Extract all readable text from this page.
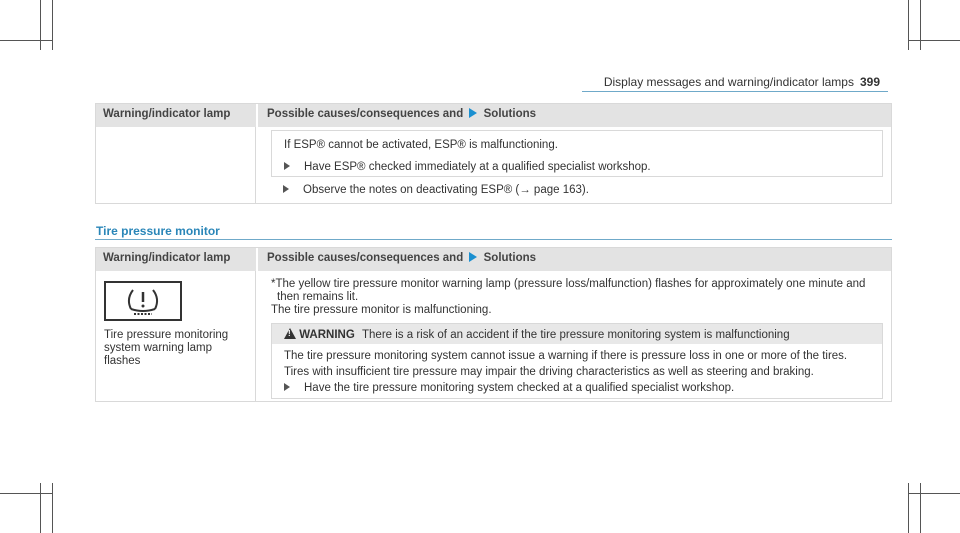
Display messages and warning/indicator lamps 399
Warning/indicator lamp	Possible causes/consequences and Solutions
If ESP® cannot be activated, ESP® is malfunctioning.
Have ESP® checked immediately at a qualified specialist workshop.
Observe the notes on deactivating ESP® (→ page 163).
Tire pressure monitor
Warning/indicator lamp	Possible causes/consequences and Solutions
Tire pressure monitoring
system warning lamp
flashes
*The yellow tire pressure monitor warning lamp (pressure loss/malfunction) flashes for approximately one minute and
then remains lit.
The tire pressure monitor is malfunctioning.
! WARNING There is a risk of an accident if the tire pressure monitoring system is malfunctioning
The tire pressure monitoring system cannot issue a warning if there is pressure loss in one or more of the tires.
Tires with insufficient tire pressure may impair the driving characteristics as well as steering and braking.
Have the tire pressure monitoring system checked at a qualified specialist workshop.
